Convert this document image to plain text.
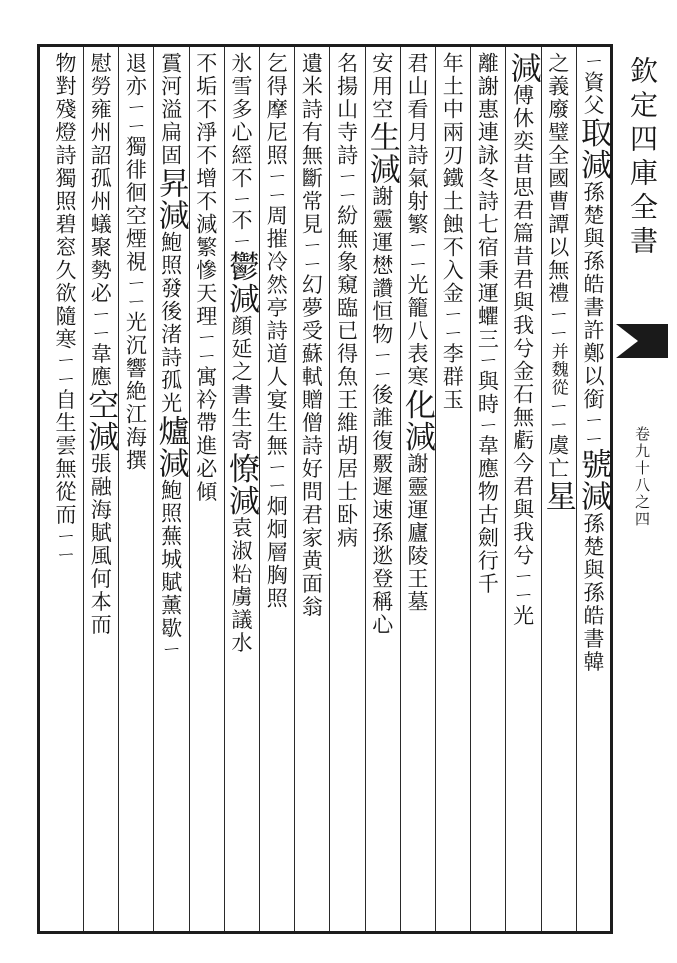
ㄧ資父取減孫楚與孫皓書許鄭以銜ㄧㄧ號減孫楚與孫皓書韓
之義廢璧全國曹譚以無禮ㄧㄧ并魏從ㄧㄧ虞亡星
減傅休奕昔思君篇昔君與我兮金石無虧今君與我兮ㄧㄧ光
離謝惠連詠冬詩七宿秉運蠷三ㄧ與時ㄧ韋應物古劍行千
年土中兩刃鐵土蝕不入金ㄧㄧ李群玉
君山看月詩氣射繁ㄧㄧ光籠八表寒化減謝靈運廬陵王墓
安用空生減謝靈運𢡟讚恒物ㄧㄧ後誰復覈遲速孫逖登稱心
名揚山寺詩ㄧㄧ紛無象窺臨已得魚王維胡居士卧病
遺米詩有無斷常見ㄧㄧ幻夢受蘇軾贈僧詩好問君家黄面翁
乞得摩尼照ㄧㄧ周摧冷然亭詩道人宴生無ㄧㄧ炯炯層胸照
氷雪多心經不ㄧ不ㄧ鬱減顔延之書生寄憭減袁淑𥹋虜議水
不垢不淨不增不減繁慘天理ㄧㄧ寓衿帶進必傾
霣河溢扁固昇減鮑照發後渚詩孤光爐減鮑照蕪城賦薰歇ㄧ
退亦ㄧㄧ獨徘徊空煙視ㄧㄧ光沉響絶江海撰
慰勞雍州詔孤州蟻聚勢必ㄧㄧ韋應空減張融海賦風何本而
物對殘燈詩獨照碧窓久欲隨寒ㄧㄧ自生雲無從而ㄧㄧ
欽定四庫全書
卷九十八之四
